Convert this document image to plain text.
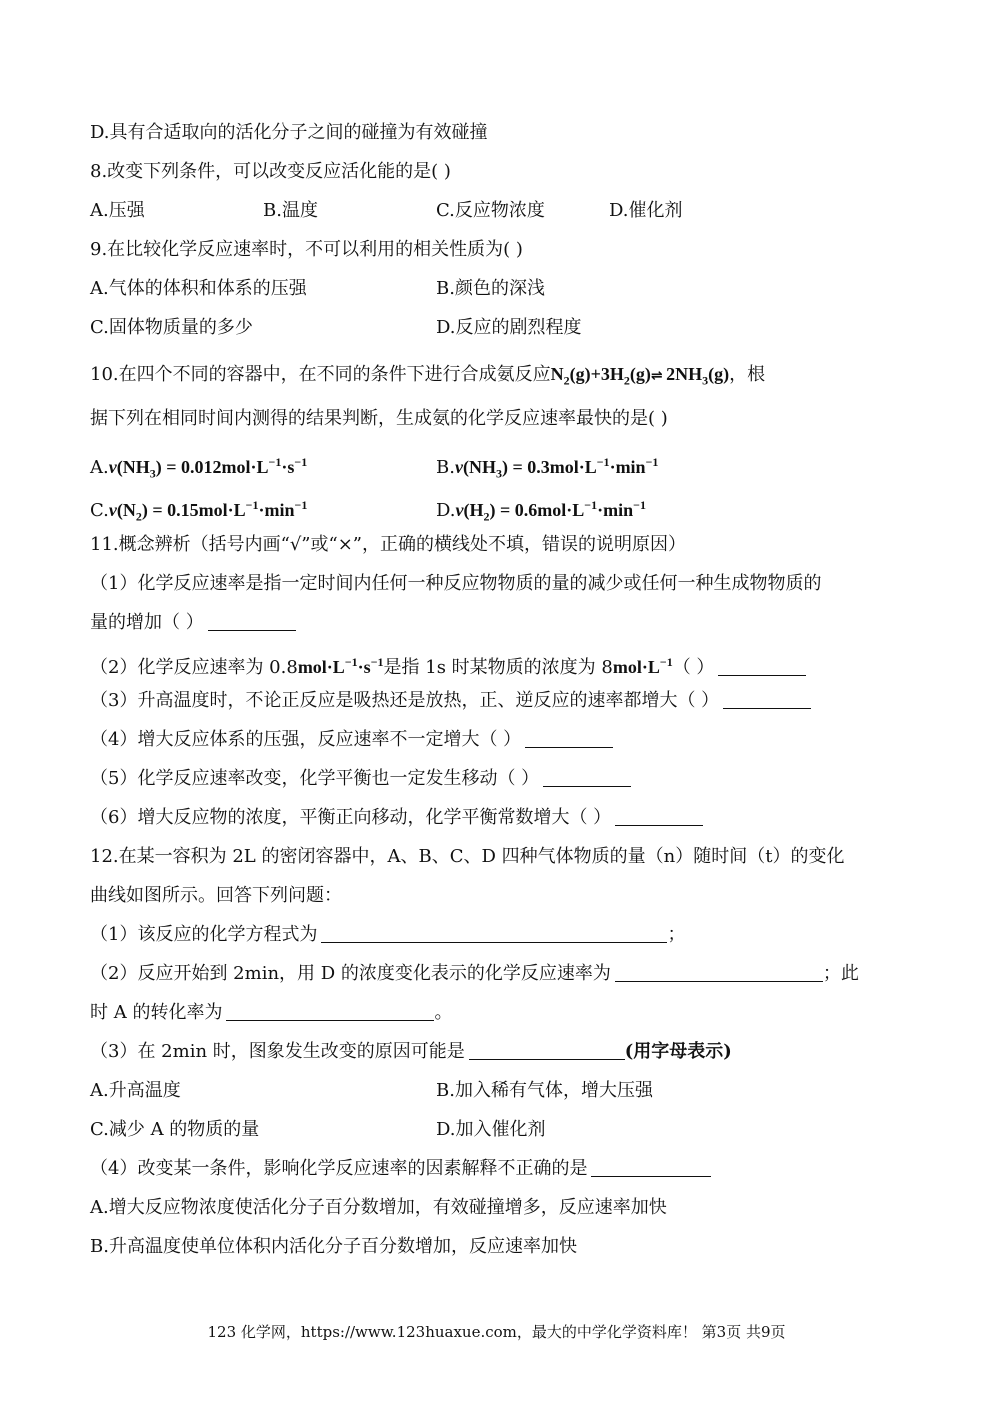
D.具有合适取向的活化分子之间的碰撞为有效碰撞
8.改变下列条件，可以改变反应活化能的是( )
A.压强	B.温度	C.反应物浓度	D.催化剂
9.在比较化学反应速率时，不可以利用的相关性质为( )
A.气体的体积和体系的压强	B.颜色的深浅
C.固体物质量的多少	D.反应的剧烈程度
10.在四个不同的容器中，在不同的条件下进行合成氨反应$N_2(g)+3H_2(g)\rightleftharpoons$ $2NH_3(g)$，根
据下列在相同时间内测得的结果判断，生成氨的化学反应速率最快的是( )
$A.v(NH_3) = 0.012mol\cdot L^{-1}\cdot s^{-1}$	$B.v(NH_3) = 0.3mol\cdot L^{-1}\cdot\min^{-1}$
$C.v(N_2) = 0.15mol\cdot L^{-1}\cdot\min^{-1}$	$D.v(H_2) = 0.6mol\cdot L^{-1}\cdot\min^{-1}$
11.概念辨析（括号内画“√”或“×”，正确的横线处不填，错误的说明原因）
（1）化学反应速率是指一定时间内任何一种反应物物质的量的减少或任何一种生成物物质的
量的增加（ ）
（2）化学反应速率为 $0.8mol\cdot L^{-1}\cdot s^{-1}$是指 1s 时某物质的浓度为 $8mol\cdot L^{-1}$（ ）
（3）升高温度时，不论正反应是吸热还是放热，正、逆反应的速率都增大（ ）
（4）增大反应体系的压强，反应速率不一定增大（ ）
（5）化学反应速率改变，化学平衡也一定发生移动（ ）
（6）增大反应物的浓度，平衡正向移动，化学平衡常数增大（ ）
12.在某一容积为 2L 的密闭容器中，A、B、C、D 四种气体物质的量（n）随时间（t）的变化
曲线如图所示。回答下列问题：
（1）该反应的化学方程式为	；
（2）反应开始到 2min，用 D 的浓度变化表示的化学反应速率为	；此
时 A 的转化率为	。
（3）在 2min 时，图象发生改变的原因可能是	(用字母表示)
A.升高温度	B.加入稀有气体，增大压强
C.减少 A 的物质的量	D.加入催化剂
（4）改变某一条件，影响化学反应速率的因素解释不正确的是
A.增大反应物浓度使活化分子百分数增加，有效碰撞增多，反应速率加快
B.升高温度使单位体积内活化分子百分数增加，反应速率加快
123 化学网，https://www.123huaxue.com，最大的中学化学资料库！ 第3页 共9页
